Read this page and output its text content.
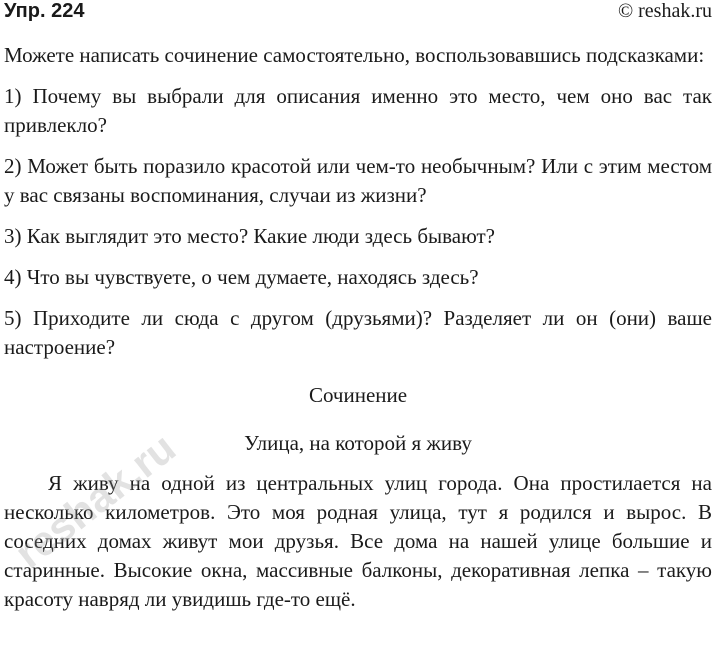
Упр. 224	© reshak.ru

Можете написать сочинение самостоятельно, воспользовавшись подсказками:

1) Почему вы выбрали для описания именно это место, чем оно вас так привлекло?

2) Может быть поразило красотой или чем-то необычным? Или с этим местом у вас связаны воспоминания, случаи из жизни?

3) Как выглядит это место? Какие люди здесь бывают?

4) Что вы чувствуете, о чем думаете, находясь здесь?

5) Приходите ли сюда с другом (друзьями)? Разделяет ли он (они) ваше настроение?

Сочинение

Улица, на которой я живу

Я живу на одной из центральных улиц города. Она простилается на несколько километров. Это моя родная улица, тут я родился и вырос. В соседних домах живут мои друзья. Все дома на нашей улице большие и старинные. Высокие окна, массивные балконы, декоративная лепка – такую красоту навряд ли увидишь где-то ещё.

reshak.ru
